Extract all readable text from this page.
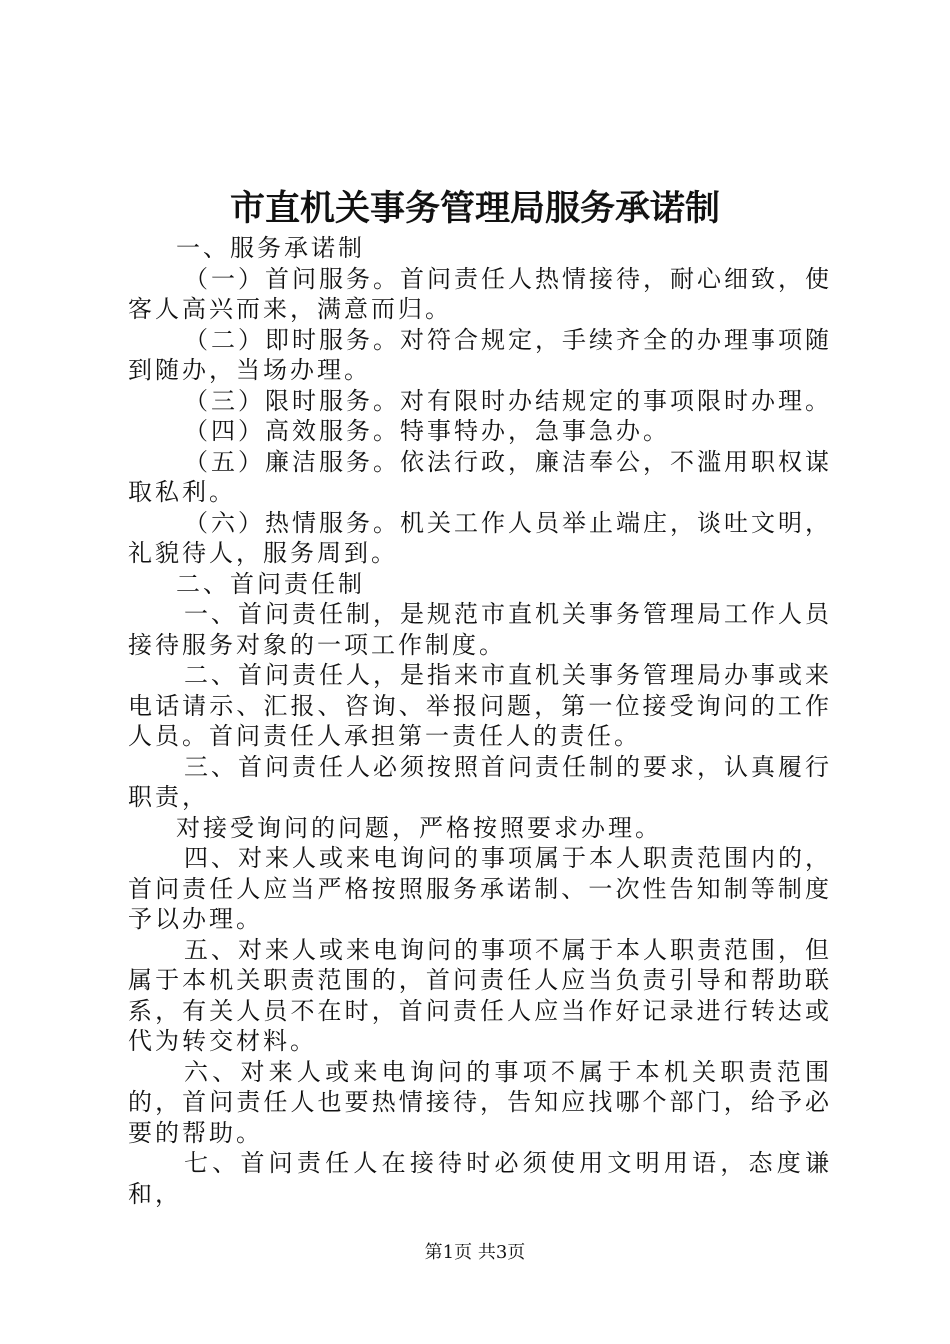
市直机关事务管理局服务承诺制

一、服务承诺制

（一）首问服务。首问责任人热情接待，耐心细致，使客人高兴而来，满意而归。

（二）即时服务。对符合规定，手续齐全的办理事项随到随办，当场办理。

（三）限时服务。对有限时办结规定的事项限时办理。

（四）高效服务。特事特办，急事急办。

（五）廉洁服务。依法行政，廉洁奉公，不滥用职权谋取私利。

（六）热情服务。机关工作人员举止端庄，谈吐文明，礼貌待人，服务周到。

二、首问责任制

一、首问责任制，是规范市直机关事务管理局工作人员接待服务对象的一项工作制度。

二、首问责任人，是指来市直机关事务管理局办事或来电话请示、汇报、咨询、举报问题，第一位接受询问的工作人员。首问责任人承担第一责任人的责任。

三、首问责任人必须按照首问责任制的要求，认真履行职责，

对接受询问的问题，严格按照要求办理。

四、对来人或来电询问的事项属于本人职责范围内的，首问责任人应当严格按照服务承诺制、一次性告知制等制度予以办理。

五、对来人或来电询问的事项不属于本人职责范围，但属于本机关职责范围的，首问责任人应当负责引导和帮助联系，有关人员不在时，首问责任人应当作好记录进行转达或代为转交材料。

六、对来人或来电询问的事项不属于本机关职责范围的，首问责任人也要热情接待，告知应找哪个部门，给予必要的帮助。

七、首问责任人在接待时必须使用文明用语，态度谦和，

第1页 共3页
